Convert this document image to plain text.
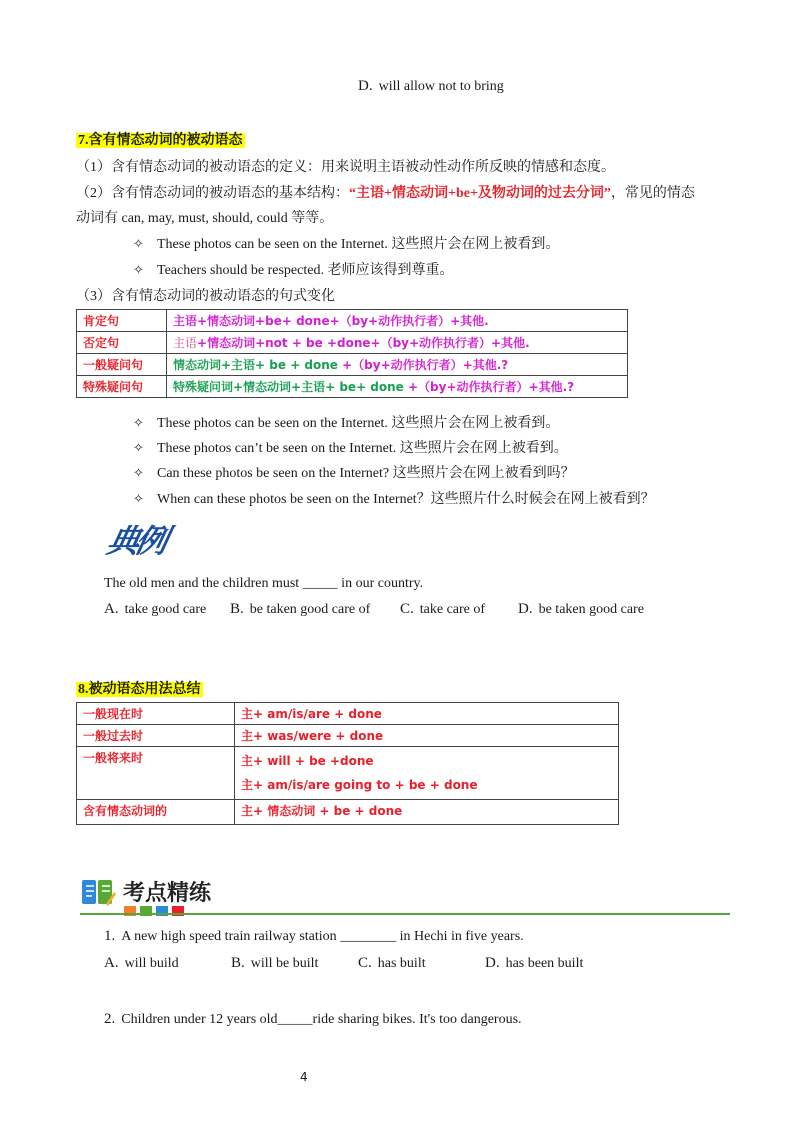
D. will allow not to bring
7.含有情态动词的被动语态
（1）含有情态动词的被动语态的定义：用来说明主语被动性动作所反映的情感和态度。
（2）含有情态动词的被动语态的基本结构：“主语+情态动词+be+及物动词的过去分词”，常见的情态
动词有 can, may, must, should, could 等等。
✧ These photos can be seen on the Internet. 这些照片会在网上被看到。
✧ Teachers should be respected. 老师应该得到尊重。
（3）含有情态动词的被动语态的句式变化
肯定句	主语+情态动词+be+ done+（by+动作执行者）+其他.
否定句	主语+情态动词+not + be +done+（by+动作执行者）+其他.
一般疑问句	情态动词+主语+ be + done +（by+动作执行者）+其他.?
特殊疑问句	特殊疑问词+情态动词+主语+ be+ done +（by+动作执行者）+其他.?
✧ These photos can be seen on the Internet. 这些照片会在网上被看到。
✧ These photos can’t be seen on the Internet. 这些照片会在网上被看到。
✧ Can these photos be seen on the Internet? 这些照片会在网上被看到吗？
✧ When can these photos be seen on the Internet？这些照片什么时候会在网上被看到？
典例
The old men and the children must _____ in our country.
A. take good care B. be taken good care of C. take care of D. be taken good care
8.被动语态用法总结
一般现在时	主+ am/is/are + done
一般过去时	主+ was/were + done
一般将来时	主+ will + be +done
主+ am/is/are going to + be + done

含有情态动词的	主+ 情态动词 + be + done
考点精练
1. A new high speed train railway station ________ in Hechi in five years.
A. will build	B. will be built	C. has built	D. has been built
2. Children under 12 years old_____ride sharing bikes. It's too dangerous.
4
